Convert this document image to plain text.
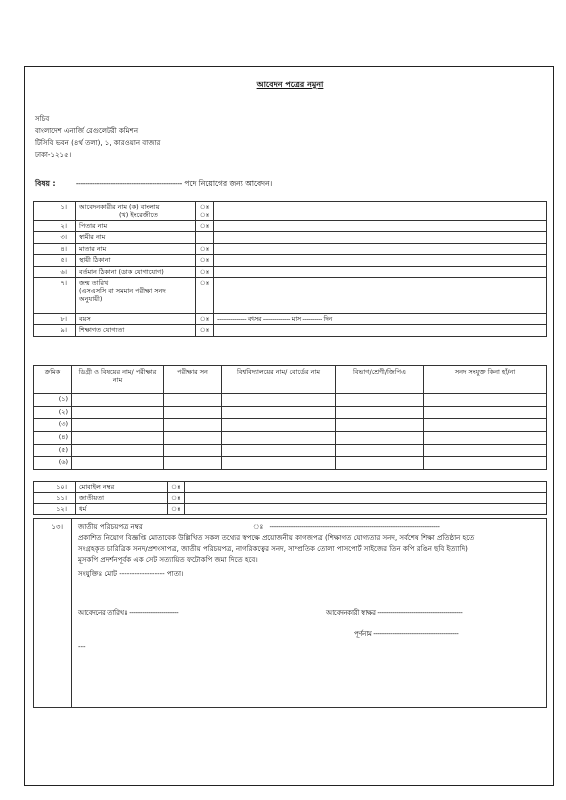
আবেদন পত্রের নমুনা
সচিব
বাংলাদেশ এনার্জি রেগুলেটরী কমিশন
টিসিবি ভবন (৪র্থ তলা), ১, কারওয়ান বাজার
ঢাকা-১২১৫।
বিষয় :	---------------------------------------------- পদে নিয়োগের জন্য আবেদন।
১।	আবেদনকারীর নাম (ক) বাংলায়
(খ) ইংরেজীতে	ঃ
ঃ	
২।	পিতার নাম	ঃ	
৩।	স্বামীর নাম		
৪।	মাতার নাম	ঃ	
৫।	স্থায়ী ঠিকানা	ঃ	
৬।	বর্তমান ঠিকানা (ডাক যোগাযোগ)	ঃ	
৭।	জন্ম তারিখ
(এসএসসি বা সমমান পরীক্ষা সনদ
অনুযায়ী)	ঃ	
৮।	বয়স	ঃ	--------------- বৎসর -------------- মাস ---------- দিন
৯।	শিক্ষাগত যোগ্যতা	ঃ	
ক্রমিক	ডিগ্রী ও বিষয়ের নাম/ পরীক্ষার নাম	পরীক্ষার সন	বিশ্ববিদ্যালয়ের নাম/ বোর্ডের নাম	বিভাগ/শ্রেণী/জিপিএ	সনদ সংযুক্ত কিনা হাঁ/না
(১)					
(২)					
(৩)					
(৪)					
(৫)					
(৬)					
১০।	মোবাইল নম্বর	ঃ	
১১।	জাতীয়তা	ঃ	
১২।	ধর্ম	ঃ	
১৩।	জাতীয় পরিচয়পত্র নম্বর	ঃ --------------------------------------------------------------------------------
প্রকাশিত নিয়োগ বিজ্ঞপ্তি মোতাবেক উল্লিখিত সকল তথ্যের স্বপক্ষে প্রয়োজনীয় কাগজপত্র (শিক্ষাগত যোগ্যতার সনদ, সর্বশেষ শিক্ষা প্রতিষ্ঠান হতে
সংগ্রহকৃত চারিত্রিক সনদ/প্রশংসাপত্র, জাতীয় পরিচয়পত্র, নাগরিকত্বের সনদ, সাম্প্রতিক তোলা পাসপোর্ট সাইজের তিন কপি রঙিন ছবি ইত্যাদি)
মূসকপি প্রদর্শনপূর্বক এক সেট সত্যায়িত ফটোকপি জমা দিতে হবে।
সংযুক্তিঃ মোট ------------------ পাতা।
আবেদনের তারিখঃ -----------------------	আবেদনকারী স্বাক্ষর ----------------------------------------
পূর্ণনাম ----------------------------------------
---
